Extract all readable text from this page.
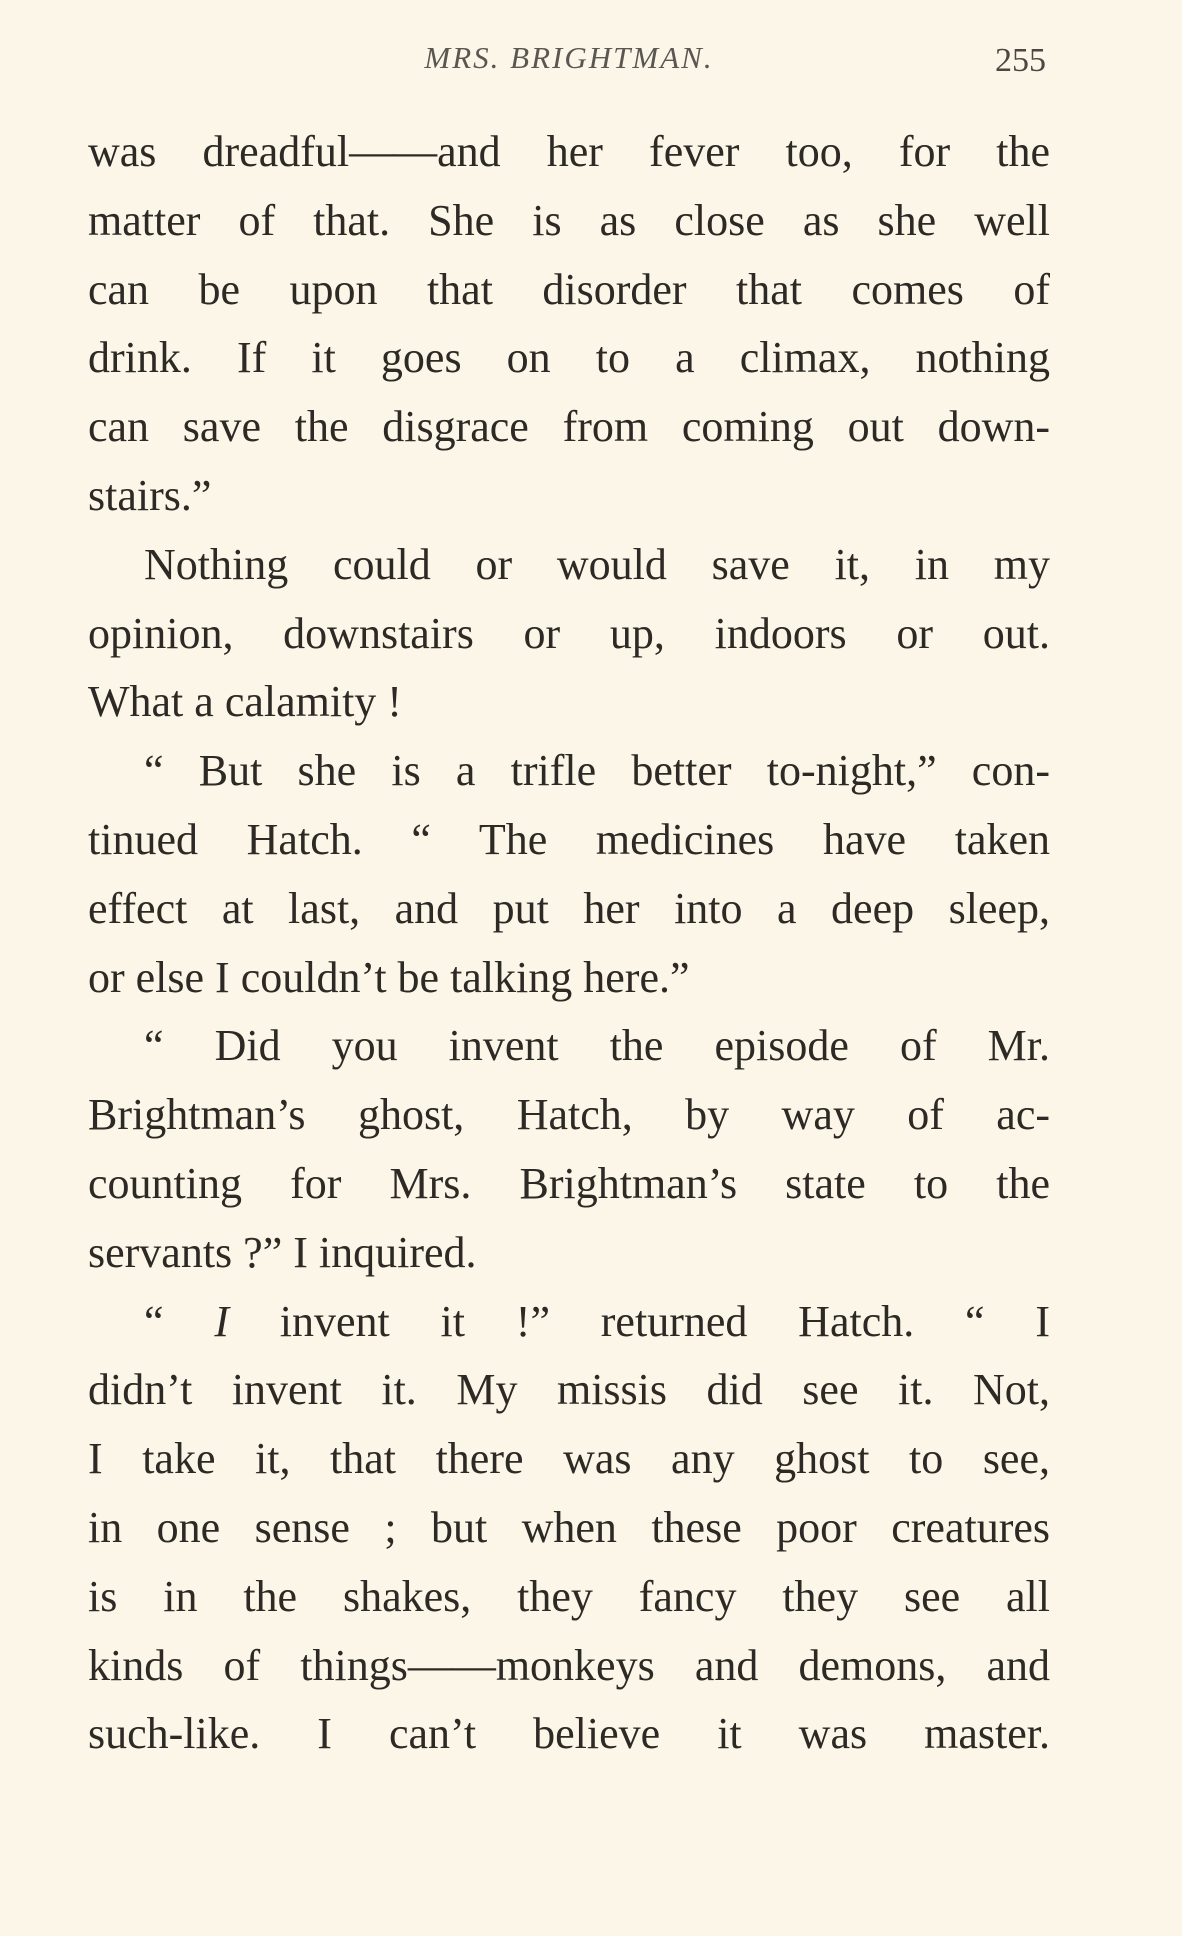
MRS. BRIGHTMAN.	255
was dreadful——and her fever too, for the
matter of that. She is as close as she well
can be upon that disorder that comes of
drink. If it goes on to a climax, nothing
can save the disgrace from coming out down-
stairs.”
Nothing could or would save it, in my
opinion, downstairs or up, indoors or out.
What a calamity !
“ But she is a trifle better to-night,” con-
tinued Hatch. “ The medicines have taken
effect at last, and put her into a deep sleep,
or else I couldn’t be talking here.”
“ Did you invent the episode of Mr.
Brightman’s ghost, Hatch, by way of ac-
counting for Mrs. Brightman’s state to the
servants ?” I inquired.
“ I invent it !” returned Hatch. “ I
didn’t invent it. My missis did see it. Not,
I take it, that there was any ghost to see,
in one sense ; but when these poor creatures
is in the shakes, they fancy they see all
kinds of things——monkeys and demons, and
such-like. I can’t believe it was master.
